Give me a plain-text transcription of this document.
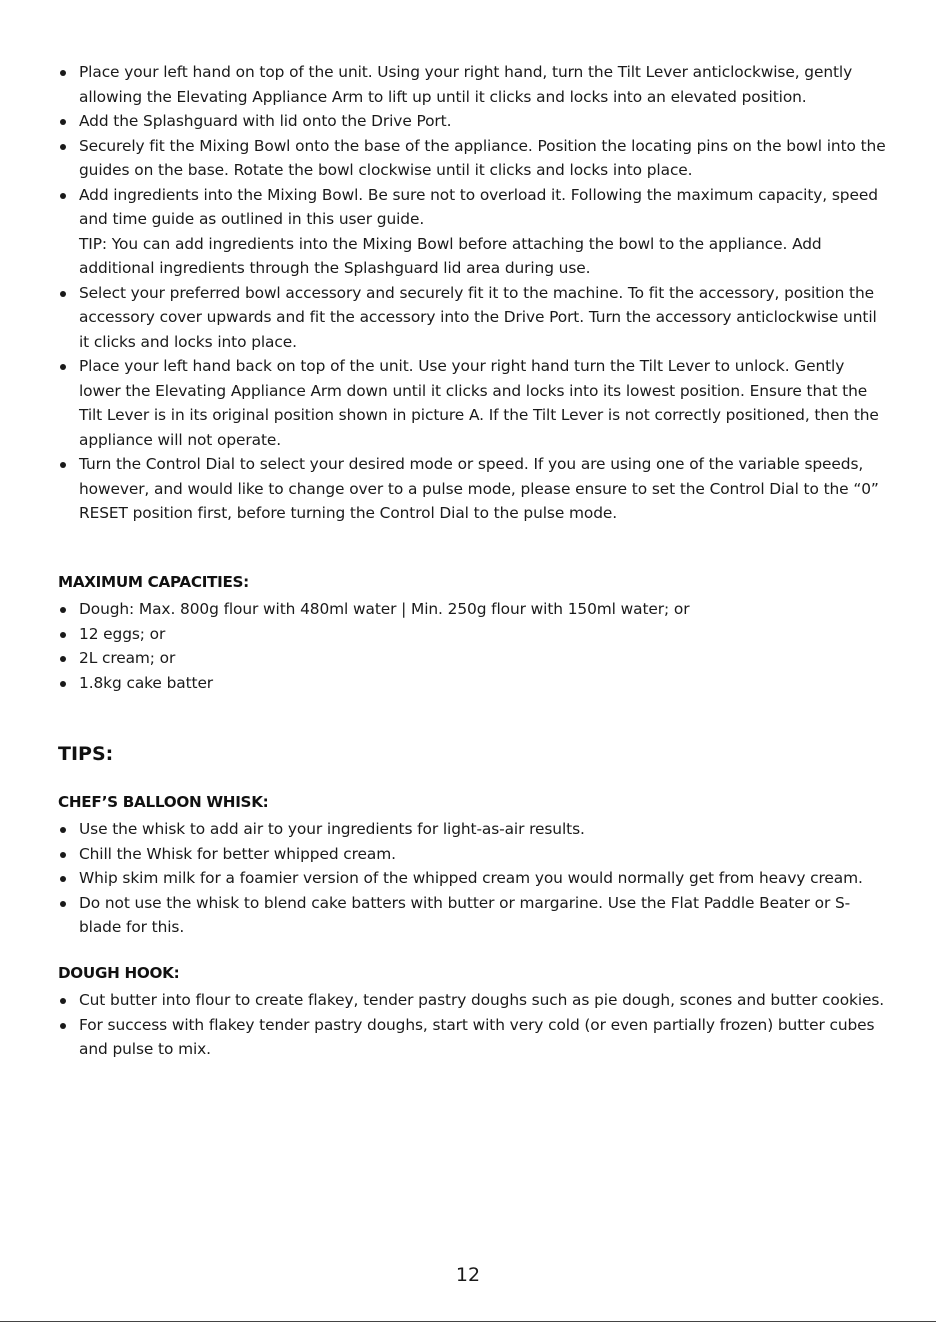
Place your left hand on top of the unit. Using your right hand, turn the Tilt Lever anticlockwise, gently allowing the Elevating Appliance Arm to lift up until it clicks and locks into an elevated position.
Add the Splashguard with lid onto the Drive Port.
Securely fit the Mixing Bowl onto the base of the appliance. Position the locating pins on the bowl into the guides on the base. Rotate the bowl clockwise until it clicks and locks into place.
Add ingredients into the Mixing Bowl. Be sure not to overload it. Following the maximum capacity, speed and time guide as outlined in this user guide.
TIP: You can add ingredients into the Mixing Bowl before attaching the bowl to the appliance. Add additional ingredients through the Splashguard lid area during use.
Select your preferred bowl accessory and securely fit it to the machine. To fit the accessory, position the accessory cover upwards and fit the accessory into the Drive Port. Turn the accessory anticlockwise until it clicks and locks into place.
Place your left hand back on top of the unit. Use your right hand turn the Tilt Lever to unlock. Gently lower the Elevating Appliance Arm down until it clicks and locks into its lowest position. Ensure that the Tilt Lever is in its original position shown in picture A. If the Tilt Lever is not correctly positioned, then the appliance will not operate.
Turn the Control Dial to select your desired mode or speed. If you are using one of the variable speeds, however, and would like to change over to a pulse mode, please ensure to set the Control Dial to the “0” RESET position first, before turning the Control Dial to the pulse mode.
MAXIMUM CAPACITIES:
Dough: Max. 800g flour with 480ml water | Min. 250g flour with 150ml water; or
12 eggs; or
2L cream; or
1.8kg cake batter
TIPS:
CHEF’S BALLOON WHISK:
Use the whisk to add air to your ingredients for light-as-air results.
Chill the Whisk for better whipped cream.
Whip skim milk for a foamier version of the whipped cream you would normally get from heavy cream.
Do not use the whisk to blend cake batters with butter or margarine. Use the Flat Paddle Beater or S-blade for this.
DOUGH HOOK:
Cut butter into flour to create flakey, tender pastry doughs such as pie dough, scones and butter cookies.
For success with flakey tender pastry doughs, start with very cold (or even partially frozen) butter cubes and pulse to mix.
12
